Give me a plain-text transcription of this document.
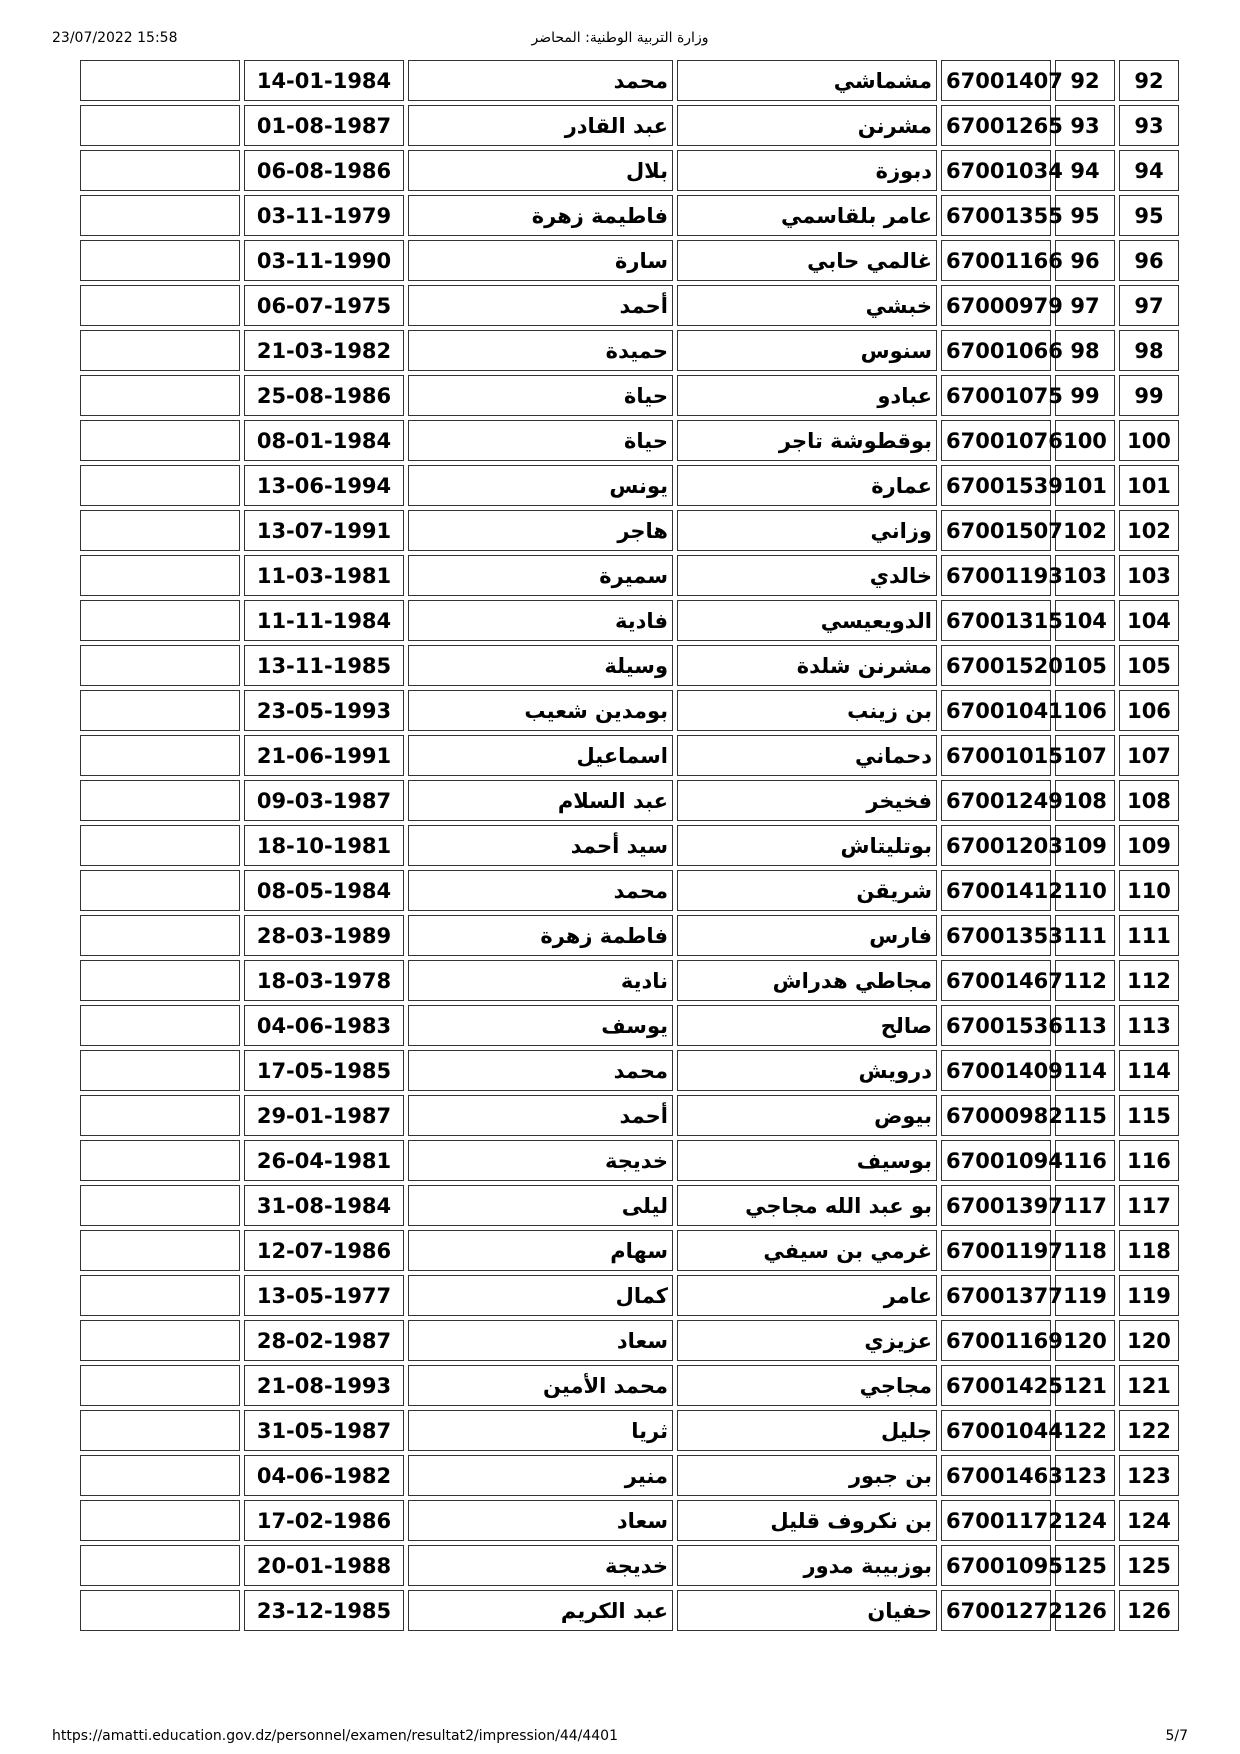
23/07/2022 15:58	وزارة التربية الوطنية: المحاضر
	14-01-1984	محمد	مشماشي	67001407	92	92
	01-08-1987	عبد القادر	مشرنن	67001265	93	93
	06-08-1986	بلال	دبوزة	67001034	94	94
	03-11-1979	فاطيمة زهرة	عامر بلقاسمي	67001355	95	95
	03-11-1990	سارة	غالمي حابي	67001166	96	96
	06-07-1975	أحمد	خبشي	67000979	97	97
	21-03-1982	حميدة	سنوس	67001066	98	98
	25-08-1986	حياة	عبادو	67001075	99	99
	08-01-1984	حياة	بوقطوشة تاجر	67001076	100	100
	13-06-1994	يونس	عمارة	67001539	101	101
	13-07-1991	هاجر	وزاني	67001507	102	102
	11-03-1981	سميرة	خالدي	67001193	103	103
	11-11-1984	فادية	الدويعيسي	67001315	104	104
	13-11-1985	وسيلة	مشرنن شلدة	67001520	105	105
	23-05-1993	بومدين شعيب	بن زينب	67001041	106	106
	21-06-1991	اسماعيل	دحماني	67001015	107	107
	09-03-1987	عبد السلام	فخيخر	67001249	108	108
	18-10-1981	سيد أحمد	بوتليتاش	67001203	109	109
	08-05-1984	محمد	شريقن	67001412	110	110
	28-03-1989	فاطمة زهرة	فارس	67001353	111	111
	18-03-1978	نادية	مجاطي هدراش	67001467	112	112
	04-06-1983	يوسف	صالح	67001536	113	113
	17-05-1985	محمد	درويش	67001409	114	114
	29-01-1987	أحمد	بيوض	67000982	115	115
	26-04-1981	خديجة	بوسيف	67001094	116	116
	31-08-1984	ليلى	بو عبد الله مجاجي	67001397	117	117
	12-07-1986	سهام	غرمي بن سيفي	67001197	118	118
	13-05-1977	كمال	عامر	67001377	119	119
	28-02-1987	سعاد	عزيزي	67001169	120	120
	21-08-1993	محمد الأمين	مجاجي	67001425	121	121
	31-05-1987	ثريا	جليل	67001044	122	122
	04-06-1982	منير	بن جبور	67001463	123	123
	17-02-1986	سعاد	بن نكروف قليل	67001172	124	124
	20-01-1988	خديجة	بوزبيبة مدور	67001095	125	125
	23-12-1985	عبد الكريم	حفيان	67001272	126	126
https://amatti.education.gov.dz/personnel/examen/resultat2/impression/44/4401	5/7
